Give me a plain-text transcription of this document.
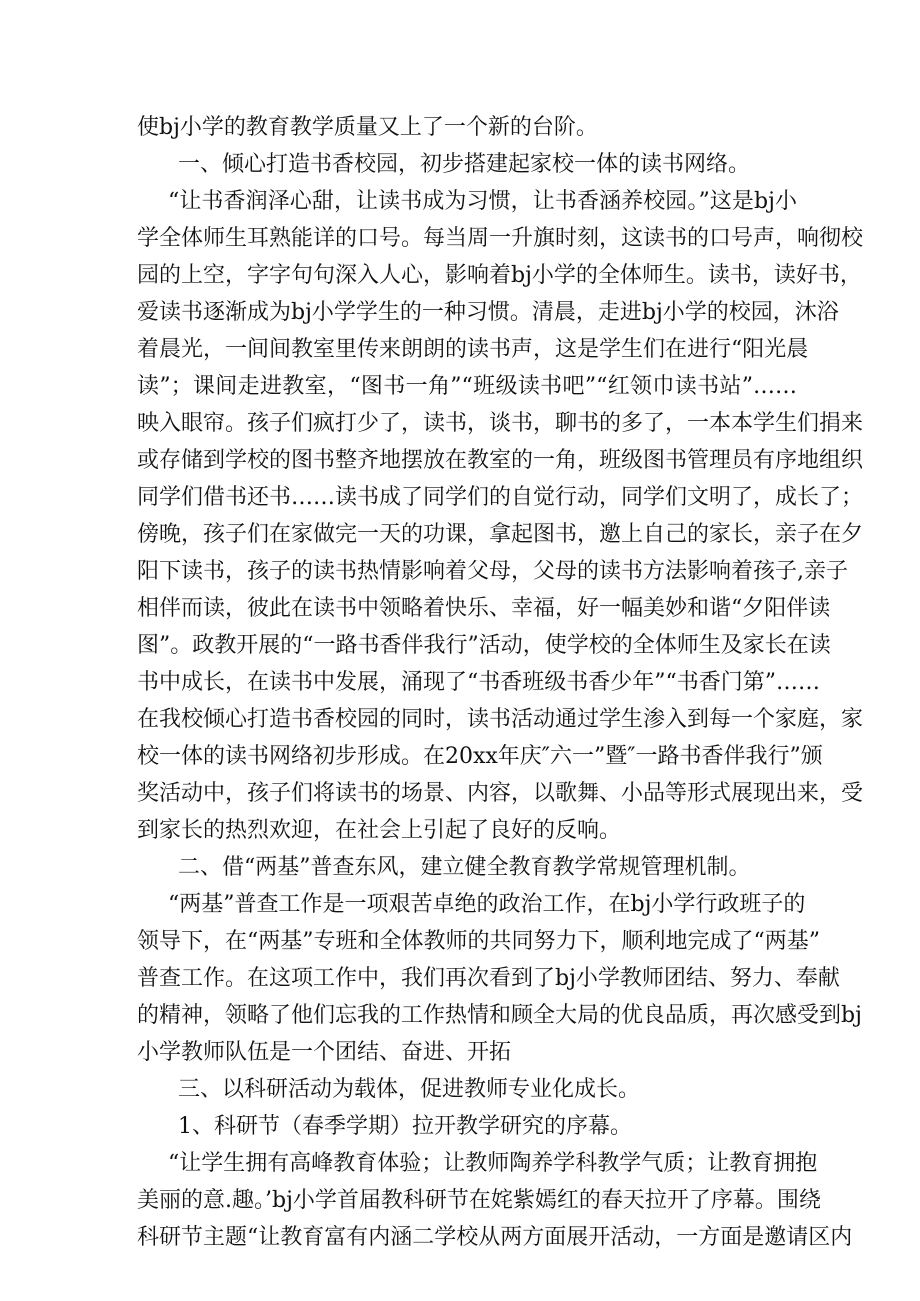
使bj小学的教育教学质量又上了一个新的台阶。
一、倾心打造书香校园，初步搭建起家校一体的读书网络。
“让书香润泽心甜，让读书成为习惯，让书香涵养校园。”这是bj小
学全体师生耳熟能详的口号。每当周一升旗时刻，这读书的口号声，响彻校
园的上空，字字句句深入人心，影响着bj小学的全体师生。读书，读好书，
爱读书逐渐成为bj小学学生的一种习惯。清晨，走进bj小学的校园，沐浴
着晨光，一间间教室里传来朗朗的读书声，这是学生们在进行“阳光晨
读”；课间走进教室，“图书一角”“班级读书吧”“红领巾读书站”……
映入眼帘。孩子们疯打少了，读书，谈书，聊书的多了，一本本学生们捐来
或存储到学校的图书整齐地摆放在教室的一角，班级图书管理员有序地组织
同学们借书还书……读书成了同学们的自觉行动，同学们文明了，成长了；
傍晚，孩子们在家做完一天的功课，拿起图书，邀上自己的家长，亲子在夕
阳下读书，孩子的读书热情影响着父母，父母的读书方法影响着孩子,亲子
相伴而读，彼此在读书中领略着快乐、幸福，好一幅美妙和谐“夕阳伴读
图”。政教开展的“一路书香伴我行”活动，使学校的全体师生及家长在读
书中成长，在读书中发展，涌现了“书香班级书香少年”“书香门第”……
在我校倾心打造书香校园的同时，读书活动通过学生渗入到每一个家庭，家
校一体的读书网络初步形成。在20xx年庆″六一”暨″一路书香伴我行”颁
奖活动中，孩子们将读书的场景、内容，以歌舞、小品等形式展现出来，受
到家长的热烈欢迎，在社会上引起了良好的反响。
二、借“两基”普查东风，建立健全教育教学常规管理机制。
“两基”普查工作是一项艰苦卓绝的政治工作，在bj小学行政班子的
领导下，在“两基”专班和全体教师的共同努力下，顺利地完成了“两基”
普查工作。在这项工作中，我们再次看到了bj小学教师团结、努力、奉献
的精神，领略了他们忘我的工作热情和顾全大局的优良品质，再次感受到bj
小学教师队伍是一个团结、奋进、开拓
三、以科研活动为载体，促进教师专业化成长。
1、科研节（春季学期）拉开教学研究的序幕。
“让学生拥有高峰教育体验；让教师陶养学科教学气质；让教育拥抱
美丽的意.趣。’bj小学首届教科研节在姹紫嫣红的春天拉开了序幕。围绕
科研节主题“让教育富有内涵二学校从两方面展开活动，一方面是邀请区内
